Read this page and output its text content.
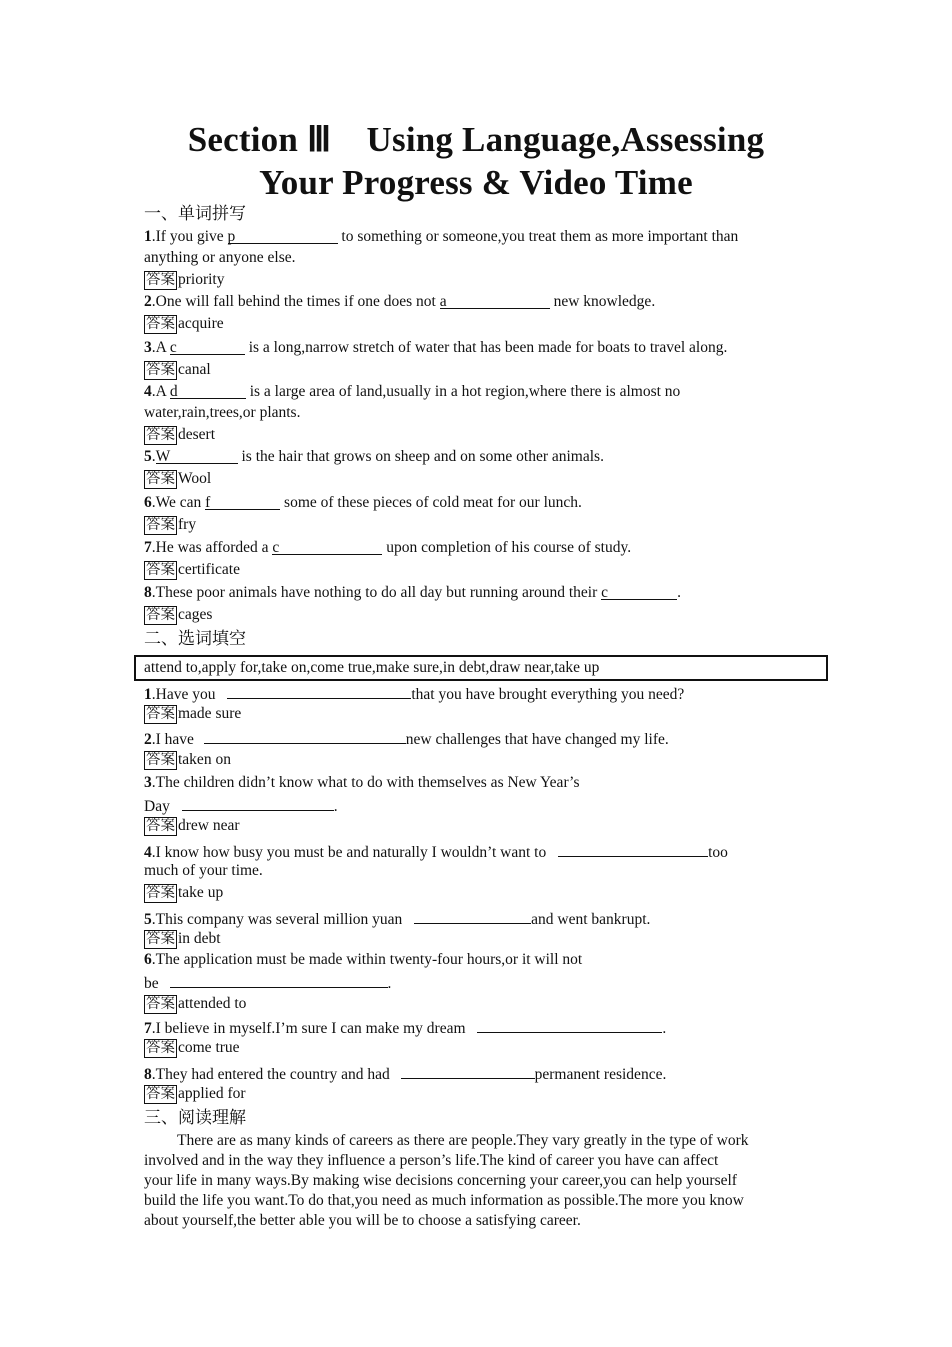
Section Ⅲ　Using Language,Assessing
Your Progress & Video Time
一、单词拼写
1.If you give p	to something or someone,you treat them as more important than
anything or anyone else.
答案 priority
2.One will fall behind the times if one does not a	new knowledge.
答案 acquire
3.A c	is a long,narrow stretch of water that has been made for boats to travel along.
答案 canal
4.A d	is a large area of land,usually in a hot region,where there is almost no
water,rain,trees,or plants.
答案 desert
5.W	is the hair that grows on sheep and on some other animals.
答案 Wool
6.We can f	some of these pieces of cold meat for our lunch.
答案 fry
7.He was afforded a c	upon completion of his course of study.
答案 certificate
8.These poor animals have nothing to do all day but running around their c	.
答案 cages
二、选词填空
attend to,apply for,take on,come true,make sure,in debt,draw near,take up
1.Have you	that you have brought everything you need?
答案 made sure
2.I have	new challenges that have changed my life.
答案 taken on
3.The children didn’t know what to do with themselves as New Year’s
Day	.
答案 drew near
4.I know how busy you must be and naturally I wouldn’t want to	too
much of your time.
答案 take up
5.This company was several million yuan	and went bankrupt.
答案 in debt
6.The application must be made within twenty-four hours,or it will not
be	.
答案 attended to
7.I believe in myself.I’m sure I can make my dream	.
答案 come true
8.They had entered the country and had	permanent residence.
答案 applied for
三、阅读理解
There are as many kinds of careers as there are people.They vary greatly in the type of work
involved and in the way they influence a person’s life.The kind of career you have can affect
your life in many ways.By making wise decisions concerning your career,you can help yourself
build the life you want.To do that,you need as much information as possible.The more you know
about yourself,the better able you will be to choose a satisfying career.
